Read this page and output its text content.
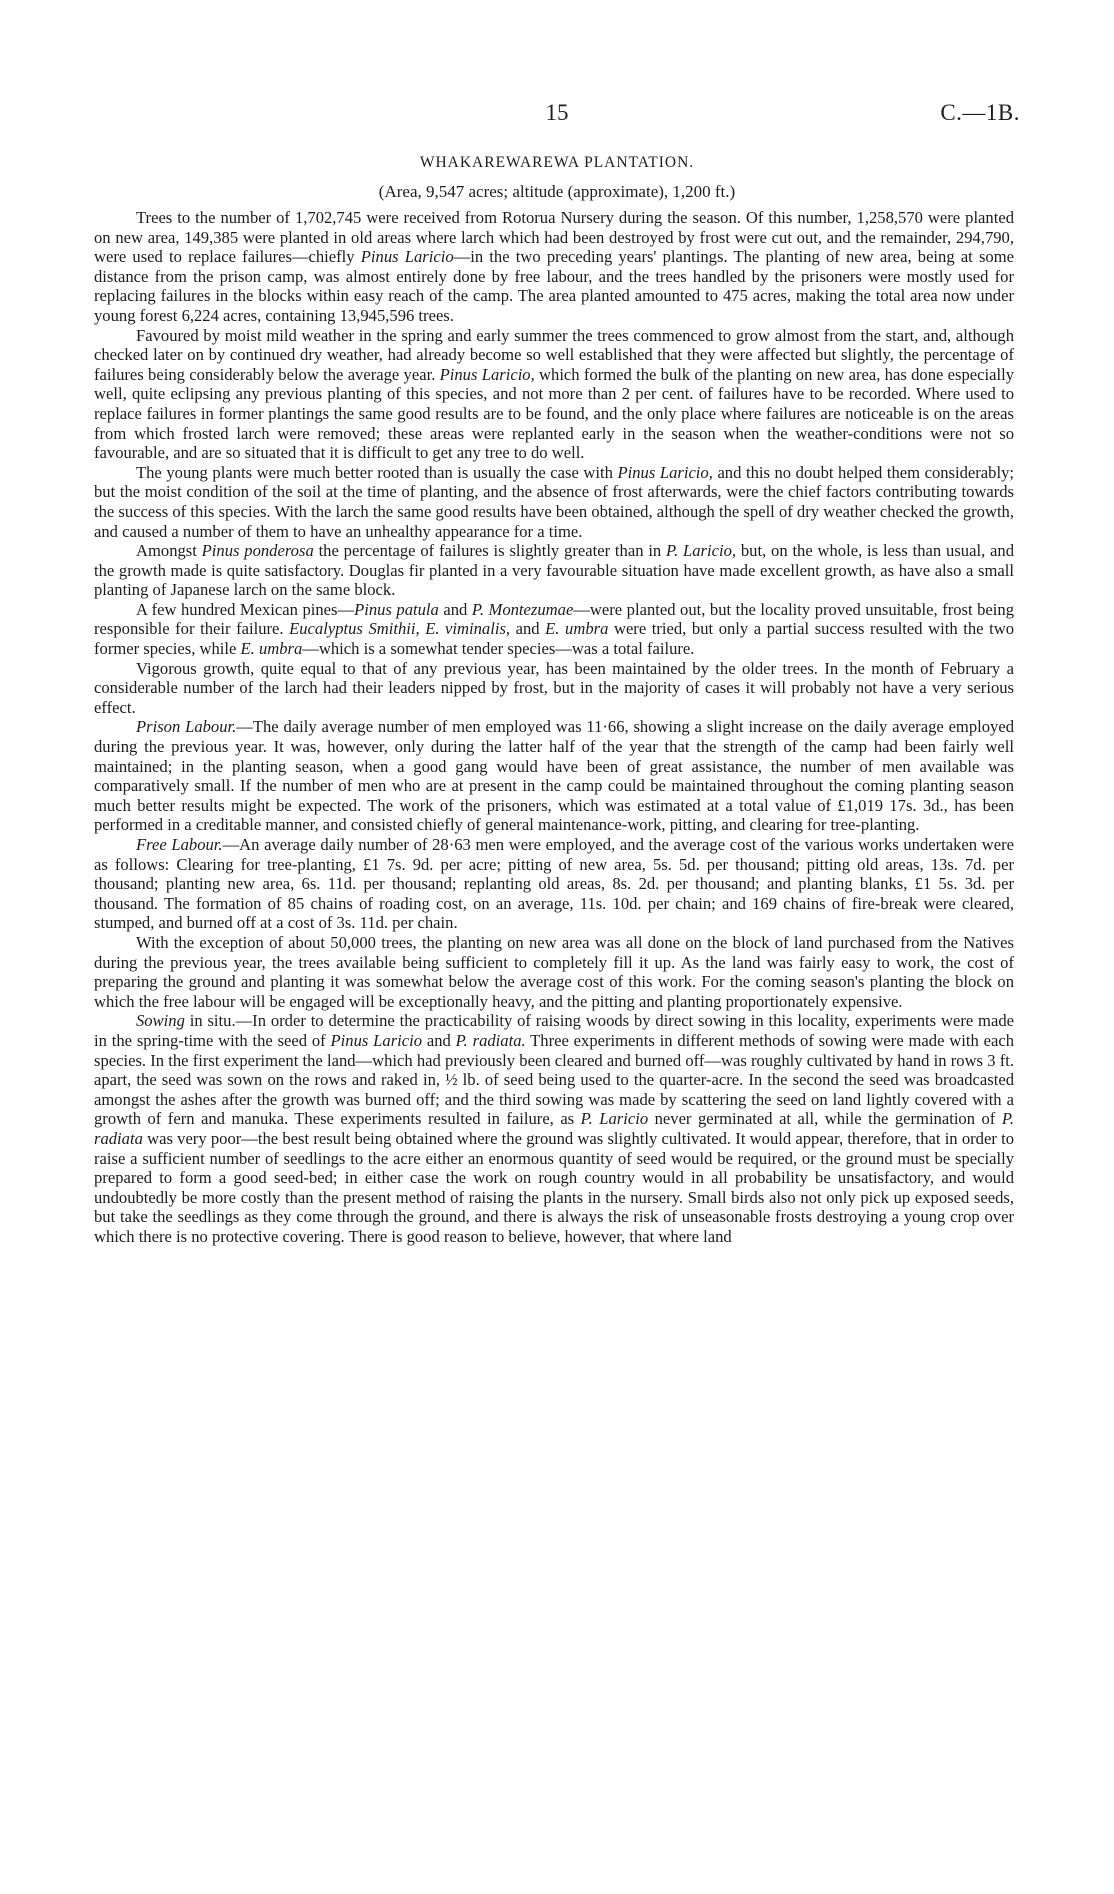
15	C.—1B.
WHAKAREWAREWA PLANTATION.
(Area, 9,547 acres; altitude (approximate), 1,200 ft.)

Trees to the number of 1,702,745 were received from Rotorua Nursery during the season. Of this number, 1,258,570 were planted on new area, 149,385 were planted in old areas where larch which had been destroyed by frost were cut out, and the remainder, 294,790, were used to replace failures—chiefly Pinus Laricio—in the two preceding years' plantings. The planting of new area, being at some distance from the prison camp, was almost entirely done by free labour, and the trees handled by the prisoners were mostly used for replacing failures in the blocks within easy reach of the camp. The area planted amounted to 475 acres, making the total area now under young forest 6,224 acres, containing 13,945,596 trees.

Favoured by moist mild weather in the spring and early summer the trees commenced to grow almost from the start, and, although checked later on by continued dry weather, had already become so well established that they were affected but slightly, the percentage of failures being considerably below the average year. Pinus Laricio, which formed the bulk of the planting on new area, has done especially well, quite eclipsing any previous planting of this species, and not more than 2 per cent. of failures have to be recorded. Where used to replace failures in former plantings the same good results are to be found, and the only place where failures are noticeable is on the areas from which frosted larch were removed; these areas were replanted early in the season when the weather-conditions were not so favourable, and are so situated that it is difficult to get any tree to do well.

The young plants were much better rooted than is usually the case with Pinus Laricio, and this no doubt helped them considerably; but the moist condition of the soil at the time of planting, and the absence of frost afterwards, were the chief factors contributing towards the success of this species. With the larch the same good results have been obtained, although the spell of dry weather checked the growth, and caused a number of them to have an unhealthy appearance for a time.

Amongst Pinus ponderosa the percentage of failures is slightly greater than in P. Laricio, but, on the whole, is less than usual, and the growth made is quite satisfactory. Douglas fir planted in a very favourable situation have made excellent growth, as have also a small planting of Japanese larch on the same block.

A few hundred Mexican pines—Pinus patula and P. Montezumae—were planted out, but the locality proved unsuitable, frost being responsible for their failure. Eucalyptus Smithii, E. viminalis, and E. umbra were tried, but only a partial success resulted with the two former species, while E. umbra—which is a somewhat tender species—was a total failure.

Vigorous growth, quite equal to that of any previous year, has been maintained by the older trees. In the month of February a considerable number of the larch had their leaders nipped by frost, but in the majority of cases it will probably not have a very serious effect.

Prison Labour.—The daily average number of men employed was 11·66, showing a slight increase on the daily average employed during the previous year. It was, however, only during the latter half of the year that the strength of the camp had been fairly well maintained; in the planting season, when a good gang would have been of great assistance, the number of men available was comparatively small. If the number of men who are at present in the camp could be maintained throughout the coming planting season much better results might be expected. The work of the prisoners, which was estimated at a total value of £1,019 17s. 3d., has been performed in a creditable manner, and consisted chiefly of general maintenance-work, pitting, and clearing for tree-planting.

Free Labour.—An average daily number of 28·63 men were employed, and the average cost of the various works undertaken were as follows: Clearing for tree-planting, £1 7s. 9d. per acre; pitting of new area, 5s. 5d. per thousand; pitting old areas, 13s. 7d. per thousand; planting new area, 6s. 11d. per thousand; replanting old areas, 8s. 2d. per thousand; and planting blanks, £1 5s. 3d. per thousand. The formation of 85 chains of roading cost, on an average, 11s. 10d. per chain; and 169 chains of fire-break were cleared, stumped, and burned off at a cost of 3s. 11d. per chain.

With the exception of about 50,000 trees, the planting on new area was all done on the block of land purchased from the Natives during the previous year, the trees available being sufficient to completely fill it up. As the land was fairly easy to work, the cost of preparing the ground and planting it was somewhat below the average cost of this work. For the coming season's planting the block on which the free labour will be engaged will be exceptionally heavy, and the pitting and planting proportionately expensive.

Sowing in situ.—In order to determine the practicability of raising woods by direct sowing in this locality, experiments were made in the spring-time with the seed of Pinus Laricio and P. radiata. Three experiments in different methods of sowing were made with each species. In the first experiment the land—which had previously been cleared and burned off—was roughly cultivated by hand in rows 3 ft. apart, the seed was sown on the rows and raked in, ½ lb. of seed being used to the quarter-acre. In the second the seed was broadcasted amongst the ashes after the growth was burned off; and the third sowing was made by scattering the seed on land lightly covered with a growth of fern and manuka. These experiments resulted in failure, as P. Laricio never germinated at all, while the germination of P. radiata was very poor—the best result being obtained where the ground was slightly cultivated. It would appear, therefore, that in order to raise a sufficient number of seedlings to the acre either an enormous quantity of seed would be required, or the ground must be specially prepared to form a good seed-bed; in either case the work on rough country would in all probability be unsatisfactory, and would undoubtedly be more costly than the present method of raising the plants in the nursery. Small birds also not only pick up exposed seeds, but take the seedlings as they come through the ground, and there is always the risk of unseasonable frosts destroying a young crop over which there is no protective covering. There is good reason to believe, however, that where land
